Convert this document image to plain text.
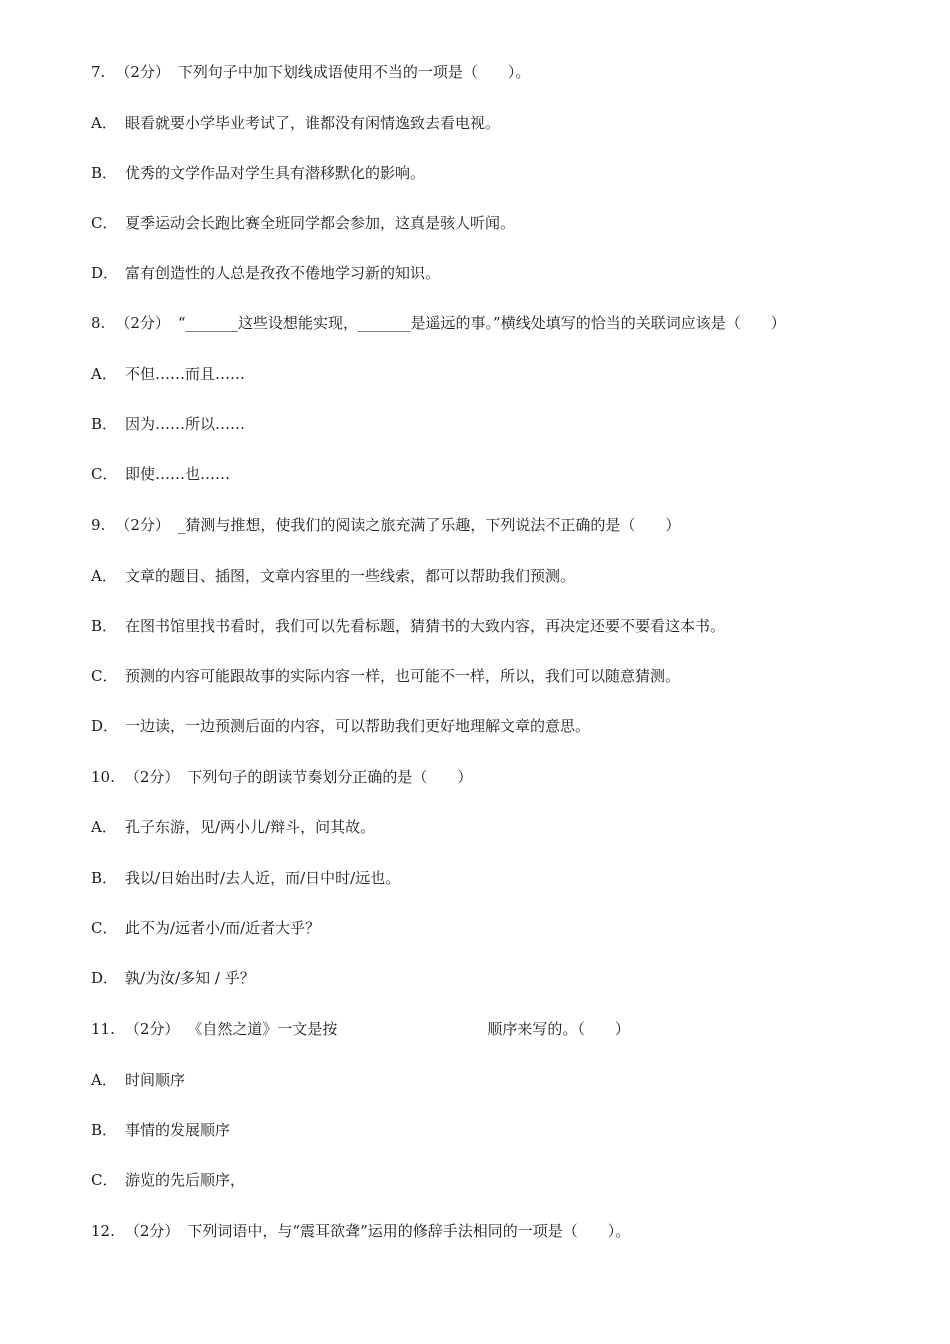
7. （2分） 下列句子中加下划线成语使用不当的一项是（　　）。
A． 眼看就要小学毕业考试了，谁都没有闲情逸致去看电视。
B． 优秀的文学作品对学生具有潜移默化的影响。
C． 夏季运动会长跑比赛全班同学都会参加，这真是骇人听闻。
D． 富有创造性的人总是孜孜不倦地学习新的知识。
8. （2分） “_______这些设想能实现，_______是遥远的事。”横线处填写的恰当的关联词应该是（　　）
A． 不但……而且……
B． 因为……所以……
C． 即使……也……
9. （2分） _猜测与推想，使我们的阅读之旅充满了乐趣，下列说法不正确的是（　　）
A． 文章的题目、插图，文章内容里的一些线索，都可以帮助我们预测。
B． 在图书馆里找书看时，我们可以先看标题，猜猜书的大致内容，再决定还要不要看这本书。
C． 预测的内容可能跟故事的实际内容一样，也可能不一样，所以，我们可以随意猜测。
D． 一边读，一边预测后面的内容，可以帮助我们更好地理解文章的意思。
10. （2分） 下列句子的朗读节奏划分正确的是（　　）
A． 孔子东游，见/两小儿/辩斗，问其故。
B． 我以/日始出时/去人近，而/日中时/远也。
C． 此不为/远者小/而/近者大乎？
D． 孰/为汝/多知 / 乎？
11. （2分） 《自然之道》一文是按	顺序来写的。（　　）
A． 时间顺序
B． 事情的发展顺序
C． 游览的先后顺序，
12. （2分） 下列词语中，与“震耳欲聋”运用的修辞手法相同的一项是（　　）。
